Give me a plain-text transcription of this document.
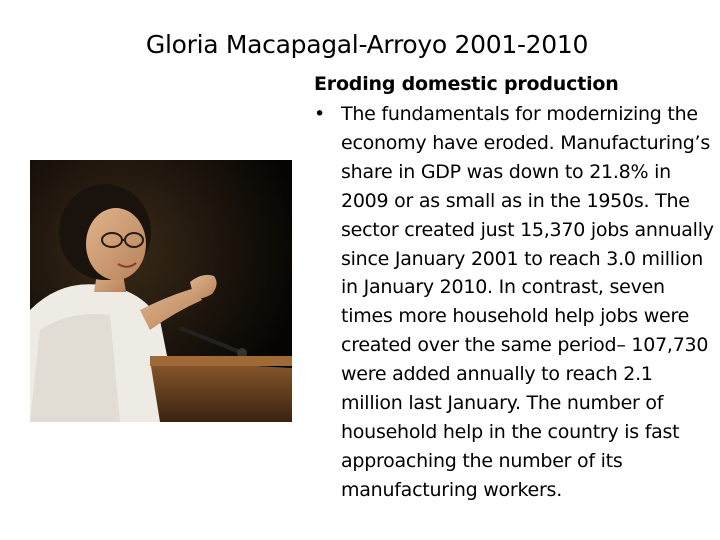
Gloria Macapagal-Arroyo 2001-2010
Eroding domestic production
• The fundamentals for modernizing the economy have eroded. Manufacturing’s share in GDP was down to 21.8% in 2009 or as small as in the 1950s. The sector created just 15,370 jobs annually since January 2001 to reach 3.0 million in January 2010. In contrast, seven times more household help jobs were created over the same period– 107,730 were added annually to reach 2.1 million last January. The number of household help in the country is fast approaching the number of its manufacturing workers.
